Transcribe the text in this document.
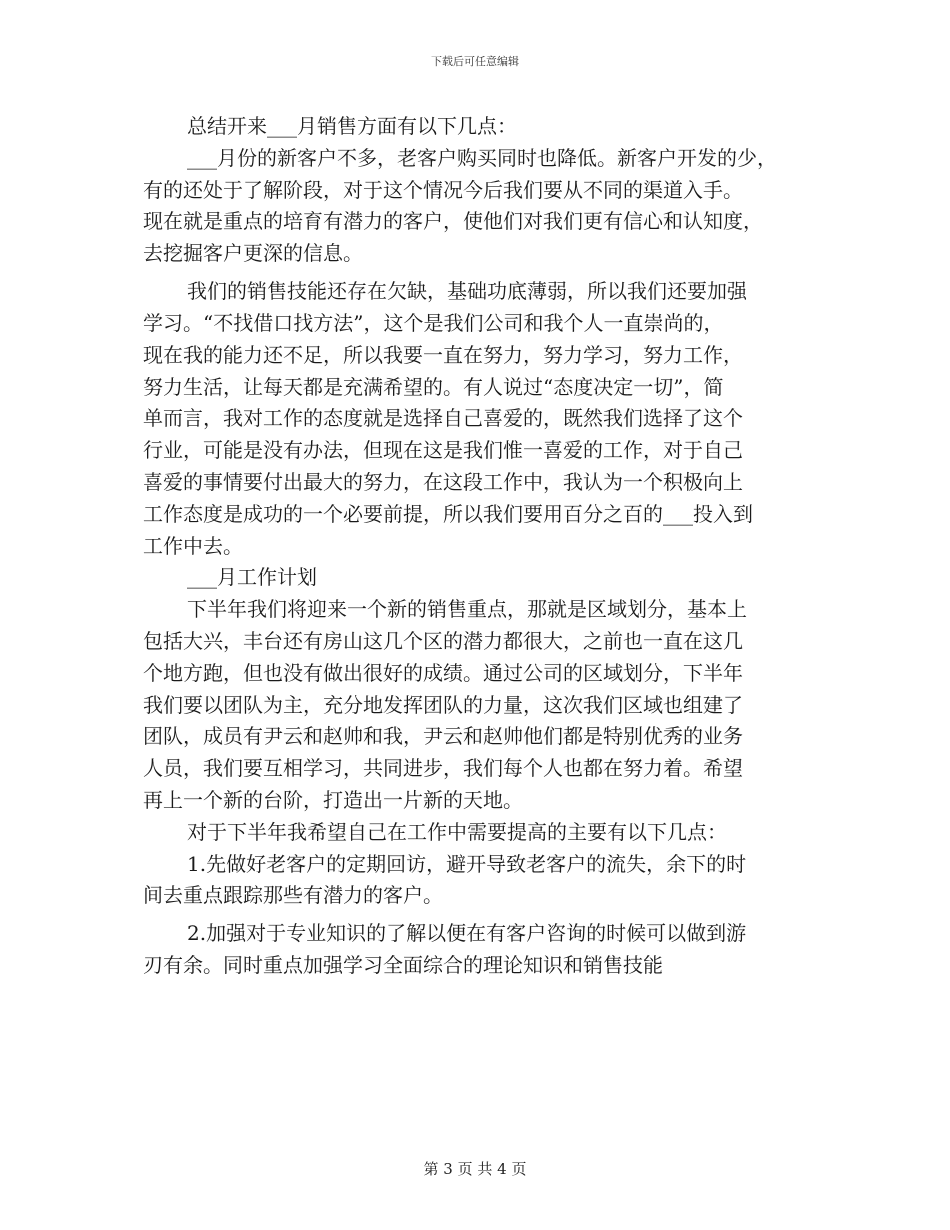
下载后可任意编辑
总结开来___月销售方面有以下几点：
___月份的新客户不多，老客户购买同时也降低。新客户开发的少，
有的还处于了解阶段，对于这个情况今后我们要从不同的渠道入手。
现在就是重点的培育有潜力的客户，使他们对我们更有信心和认知度，
去挖掘客户更深的信息。
我们的销售技能还存在欠缺，基础功底薄弱，所以我们还要加强
学习。“不找借口找方法”，这个是我们公司和我个人一直崇尚的，
现在我的能力还不足，所以我要一直在努力，努力学习，努力工作，
努力生活，让每天都是充满希望的。有人说过“态度决定一切”，简
单而言，我对工作的态度就是选择自己喜爱的，既然我们选择了这个
行业，可能是没有办法，但现在这是我们惟一喜爱的工作，对于自己
喜爱的事情要付出最大的努力，在这段工作中，我认为一个积极向上
工作态度是成功的一个必要前提，所以我们要用百分之百的___投入到
工作中去。
___月工作计划
下半年我们将迎来一个新的销售重点，那就是区域划分，基本上
包括大兴，丰台还有房山这几个区的潜力都很大，之前也一直在这几
个地方跑，但也没有做出很好的成绩。通过公司的区域划分，下半年
我们要以团队为主，充分地发挥团队的力量，这次我们区域也组建了
团队，成员有尹云和赵帅和我，尹云和赵帅他们都是特别优秀的业务
人员，我们要互相学习，共同进步，我们每个人也都在努力着。希望
再上一个新的台阶，打造出一片新的天地。
对于下半年我希望自己在工作中需要提高的主要有以下几点：
1.先做好老客户的定期回访，避开导致老客户的流失，余下的时
间去重点跟踪那些有潜力的客户。
2.加强对于专业知识的了解以便在有客户咨询的时候可以做到游
刃有余。同时重点加强学习全面综合的理论知识和销售技能
第 3 页 共 4 页
